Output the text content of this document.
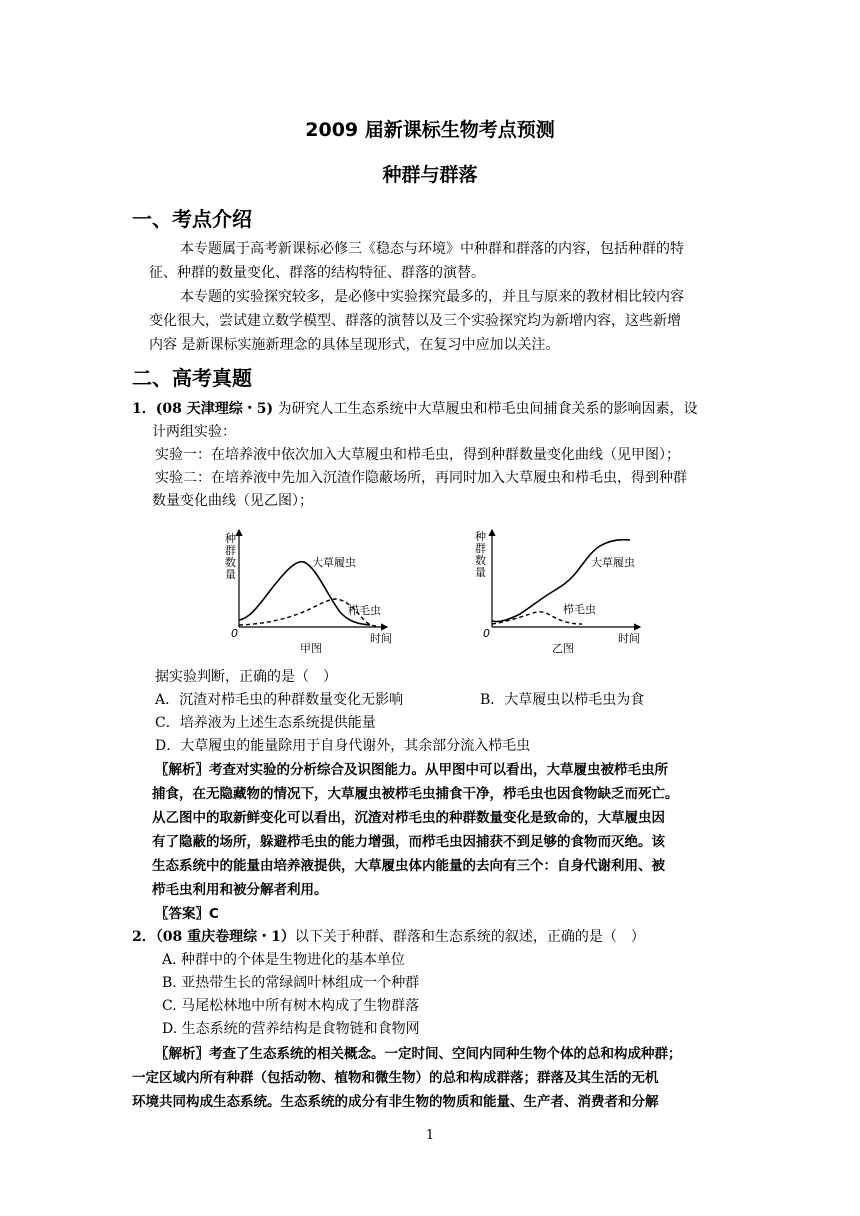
2009 届新课标生物考点预测
种群与群落
一、考点介绍
本专题属于高考新课标必修三《稳态与环境》中种群和群落的内容，包括种群的特
征、种群的数量变化、群落的结构特征、群落的演替。
本专题的实验探究较多，是必修中实验探究最多的，并且与原来的教材相比较内容
变化很大，尝试建立数学模型、群落的演替以及三个实验探究均为新增内容，这些新增
内容 是新课标实施新理念的具体呈现形式，在复习中应加以关注。
二、高考真题
1．(08 天津理综・5) 为研究人工生态系统中大草履虫和栉毛虫间捕食关系的影响因素，设
计两组实验：
实验一：在培养液中依次加入大草履虫和栉毛虫，得到种群数量变化曲线（见甲图）；
实验二：在培养液中先加入沉渣作隐蔽场所，再同时加入大草履虫和栉毛虫，得到种群
数量变化曲线（见乙图）；
种
群
数
量
0
大草履虫
栉毛虫
时间
甲图
种
群
数
量
0
大草履虫
栉毛虫
时间
乙图
据实验判断，正确的是（　）
A．沉渣对栉毛虫的种群数量变化无影响	B．大草履虫以栉毛虫为食
C．培养液为上述生态系统提供能量
D．大草履虫的能量除用于自身代谢外，其余部分流入栉毛虫
〖解析〗考查对实验的分析综合及识图能力。从甲图中可以看出，大草履虫被栉毛虫所
捕食，在无隐藏物的情况下，大草履虫被栉毛虫捕食干净，栉毛虫也因食物缺乏而死亡。
从乙图中的取新鲜变化可以看出，沉渣对栉毛虫的种群数量变化是致命的，大草履虫因
有了隐蔽的场所，躲避栉毛虫的能力增强，而栉毛虫因捕获不到足够的食物而灭绝。该
生态系统中的能量由培养液提供，大草履虫体内能量的去向有三个：自身代谢利用、被
栉毛虫利用和被分解者利用。
〖答案〗C
2．（08 重庆卷理综・1）以下关于种群、群落和生态系统的叙述，正确的是（　）
A. 种群中的个体是生物进化的基本单位
B. 亚热带生长的常绿阔叶林组成一个种群
C. 马尾松林地中所有树木构成了生物群落
D. 生态系统的营养结构是食物链和食物网
〖解析〗考查了生态系统的相关概念。一定时间、空间内同种生物个体的总和构成种群；
一定区域内所有种群（包括动物、植物和微生物）的总和构成群落；群落及其生活的无机
环境共同构成生态系统。生态系统的成分有非生物的物质和能量、生产者、消费者和分解
1
